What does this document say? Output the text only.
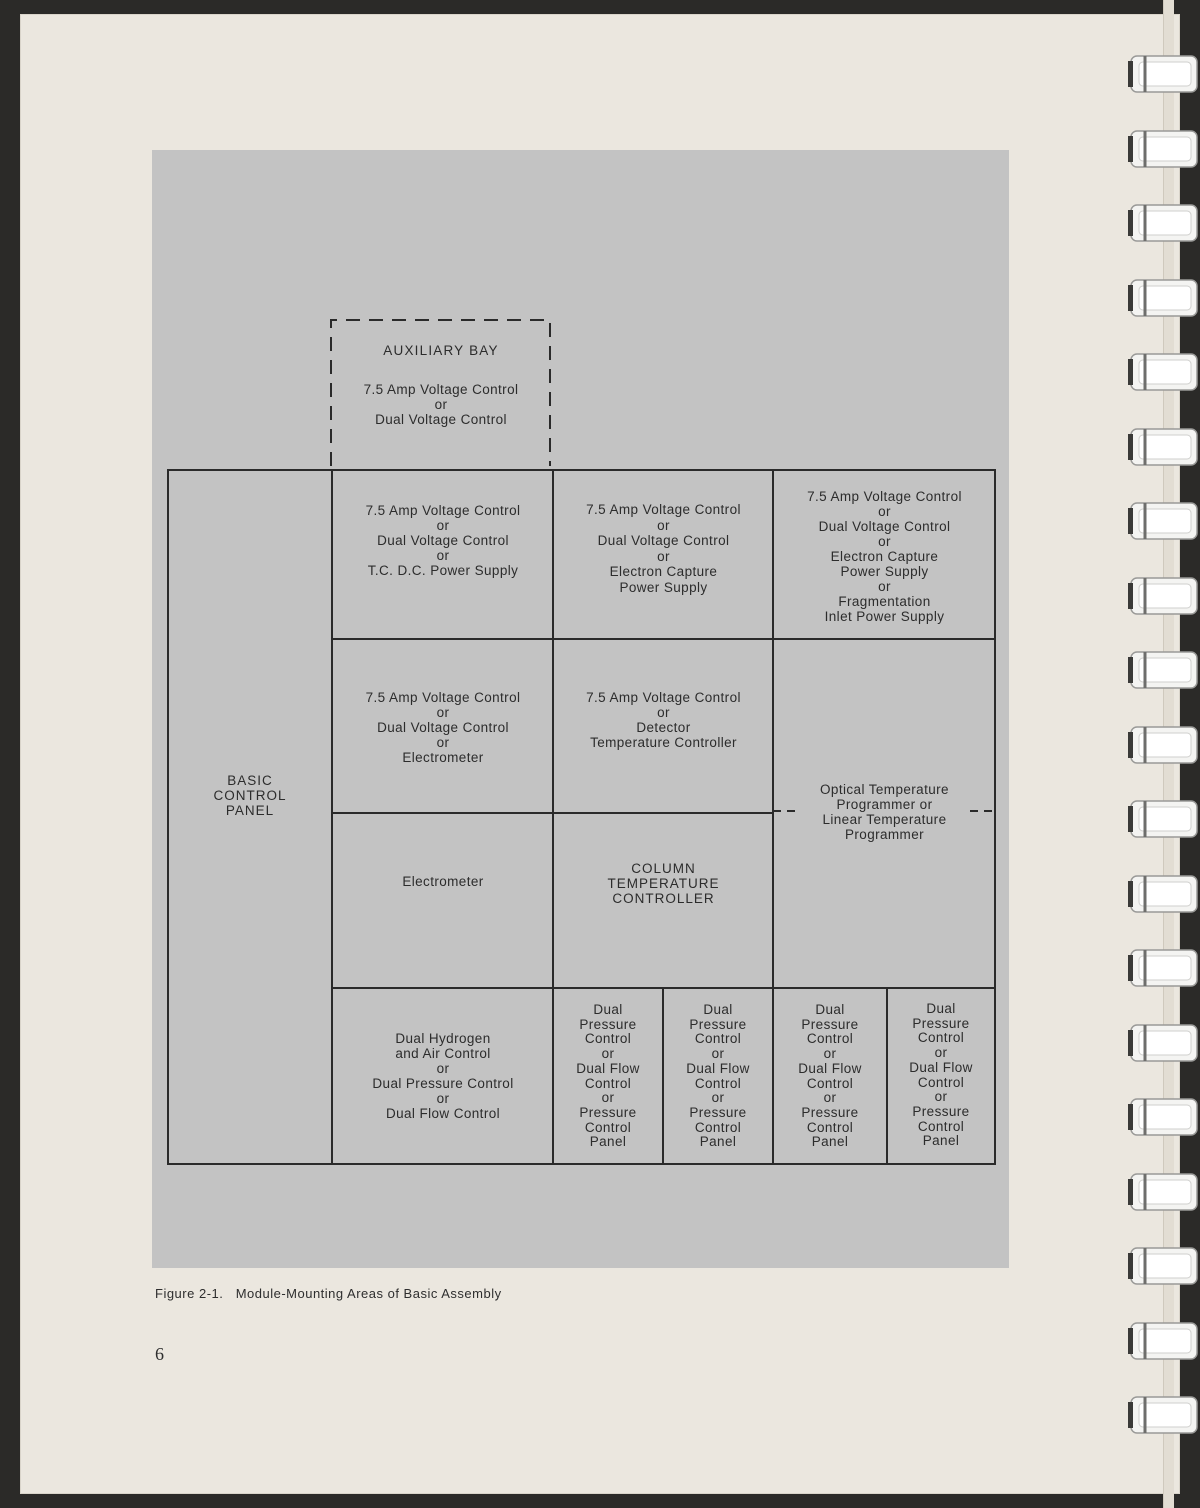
AUXILIARY BAY
7.5 Amp Voltage Control
or
Dual Voltage Control
BASIC
CONTROL
PANEL
7.5 Amp Voltage Control
or
Dual Voltage Control
or
T.C. D.C. Power Supply
7.5 Amp Voltage Control
or
Dual Voltage Control
or
Electron Capture
Power Supply
7.5 Amp Voltage Control
or
Dual Voltage Control
or
Electron Capture
Power Supply
or
Fragmentation
Inlet Power Supply
7.5 Amp Voltage Control
or
Dual Voltage Control
or
Electrometer
7.5 Amp Voltage Control
or
Detector
Temperature Controller
Optical Temperature
Programmer or
Linear Temperature
Programmer
Electrometer
COLUMN
TEMPERATURE
CONTROLLER
Dual Hydrogen
and Air Control
or
Dual Pressure Control
or
Dual Flow Control
Dual
Pressure
Control
or
Dual Flow
Control
or
Pressure
Control
Panel
Dual
Pressure
Control
or
Dual Flow
Control
or
Pressure
Control
Panel
Dual
Pressure
Control
or
Dual Flow
Control
or
Pressure
Control
Panel
Dual
Pressure
Control
or
Dual Flow
Control
or
Pressure
Control
Panel
Figure 2-1.   Module-Mounting Areas of Basic Assembly
6
